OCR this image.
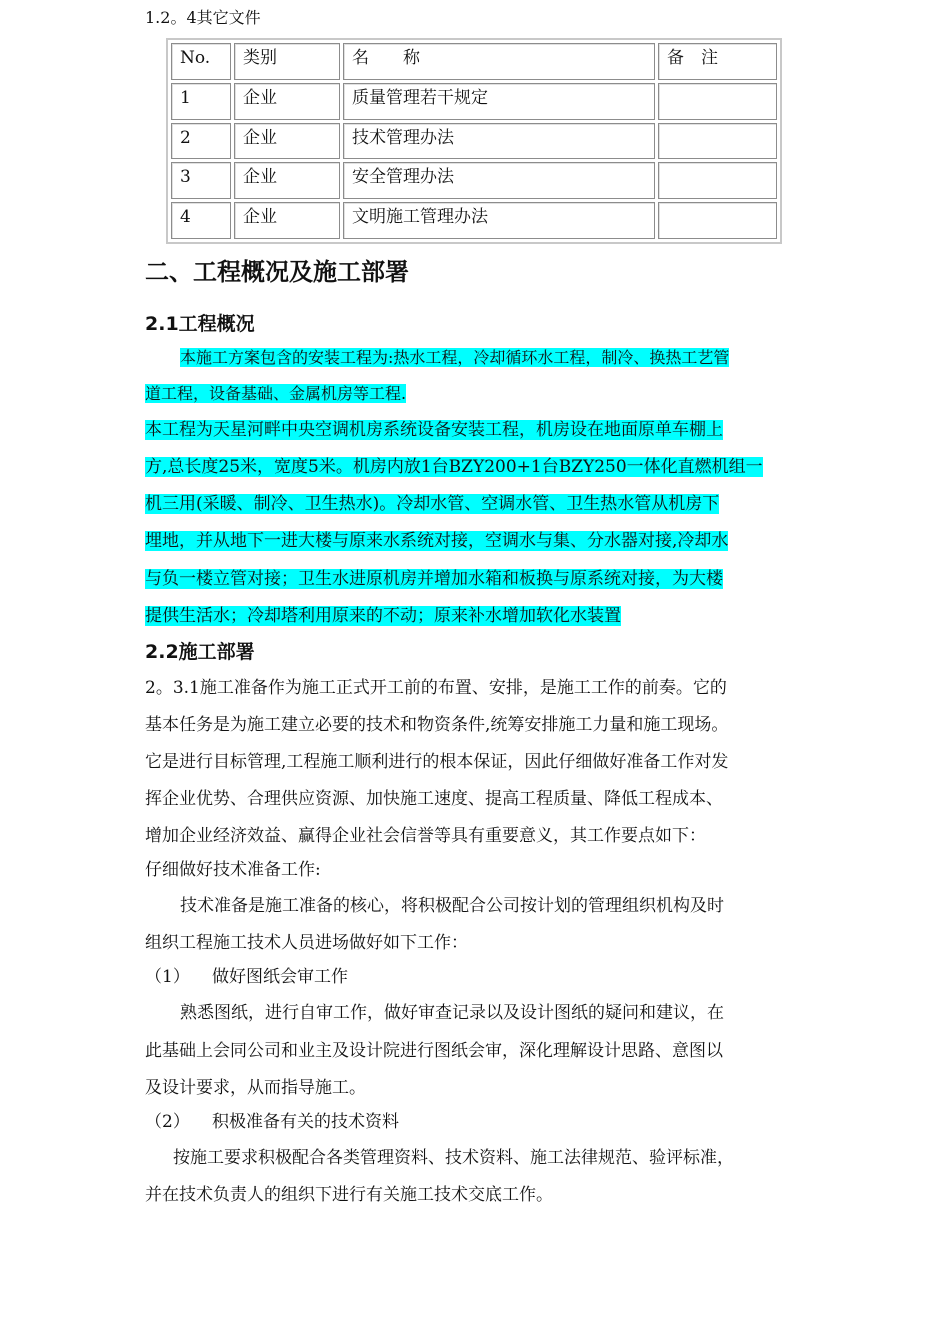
1.2。4其它文件
No.	类别	名　　称	备　注
1	企业	质量管理若干规定	
2	企业	技术管理办法	
3	企业	安全管理办法	
4	企业	文明施工管理办法	
二、工程概况及施工部署
2.1工程概况
本施工方案包含的安装工程为:热水工程，冷却循环水工程，制冷、换热工艺管
道工程，设备基础、金属机房等工程.
本工程为天星河畔中央空调机房系统设备安装工程，机房设在地面原单车棚上
方,总长度25米，宽度5米。机房内放1台BZY200+1台BZY250一体化直燃机组一
机三用(采暖、制冷、卫生热水)。冷却水管、空调水管、卫生热水管从机房下
埋地，并从地下一进大楼与原来水系统对接，空调水与集、分水器对接,冷却水
与负一楼立管对接；卫生水进原机房并增加水箱和板换与原系统对接，为大楼
提供生活水；冷却塔利用原来的不动；原来补水增加软化水装置
2.2施工部署
2。3.1施工准备作为施工正式开工前的布置、安排，是施工工作的前奏。它的
基本任务是为施工建立必要的技术和物资条件,统筹安排施工力量和施工现场。
它是进行目标管理,工程施工顺利进行的根本保证，因此仔细做好准备工作对发
挥企业优势、合理供应资源、加快施工速度、提高工程质量、降低工程成本、
增加企业经济效益、赢得企业社会信誉等具有重要意义，其工作要点如下：
仔细做好技术准备工作:
技术准备是施工准备的核心，将积极配合公司按计划的管理组织机构及时
组织工程施工技术人员进场做好如下工作：
（1） 做好图纸会审工作
熟悉图纸，进行自审工作，做好审查记录以及设计图纸的疑问和建议，在
此基础上会同公司和业主及设计院进行图纸会审，深化理解设计思路、意图以
及设计要求，从而指导施工。
（2） 积极准备有关的技术资料
按施工要求积极配合各类管理资料、技术资料、施工法律规范、验评标准，
并在技术负责人的组织下进行有关施工技术交底工作。
